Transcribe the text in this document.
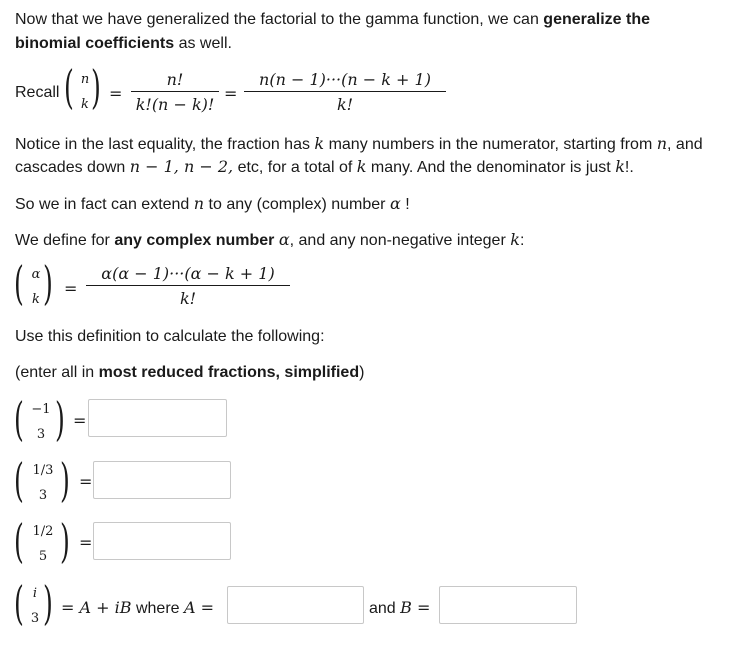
Now that we have generalized the factorial to the gamma function, we can generalize the
binomial coefficients as well.
Recall ( n
k ) =
n!
k!(n − k)!
=
n(n − 1)···(n − k + 1)
k!
Notice in the last equality, the fraction has k many numbers in the numerator, starting from n, and
cascades down n − 1, n − 2, etc, for a total of k many. And the denominator is just k!.
So we in fact can extend n to any (complex) number α !
We define for any complex number α, and any non-negative integer k:
( α
k ) =
α(α − 1)···(α − k + 1)
k!
Use this definition to calculate the following:
(enter all in most reduced fractions, simplified)
( −1
3 ) =
( 1/3
3 ) =
( 1/2
5 ) =
( i
3 ) = A + iB where A =	and B =
